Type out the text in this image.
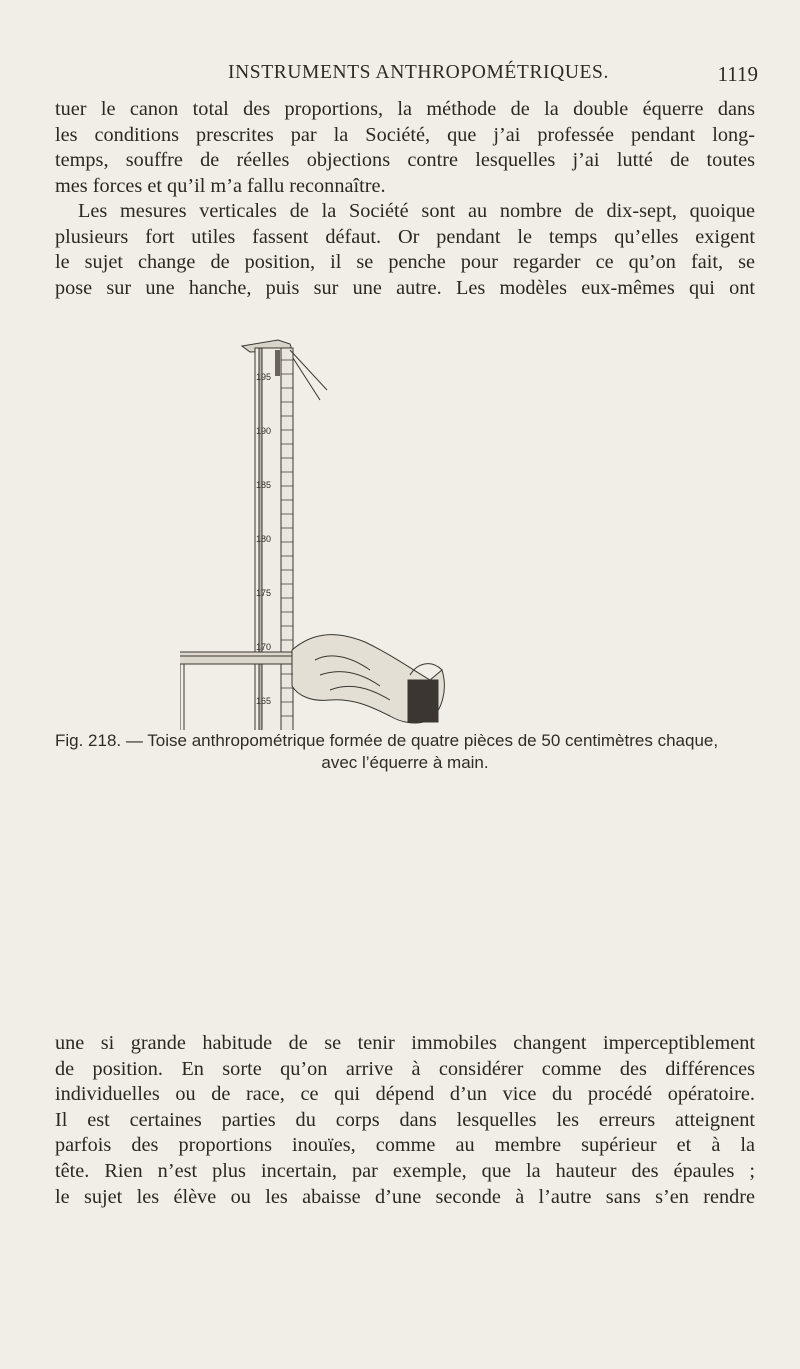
INSTRUMENTS ANTHROPOMÉTRIQUES.	1119

tuer le canon total des proportions, la méthode de la double équerre dans
les conditions prescrites par la Société, que j’ai professée pendant long-
temps, souffre de réelles objections contre lesquelles j’ai lutté de toutes
mes forces et qu’il m’a fallu reconnaître.

Les mesures verticales de la Société sont au nombre de dix-sept, quoique
plusieurs fort utiles fassent défaut. Or pendant le temps qu’elles exigent
le sujet change de position, il se penche pour regarder ce qu’on fait, se
pose sur une hanche, puis sur une autre. Les modèles eux-mêmes qui ont

195
190
185
180
175
170
165
Fig. 218. — Toise anthropométrique formée de quatre pièces de 50 centimètres chaque,
avec l’équerre à main.

une si grande habitude de se tenir immobiles changent imperceptiblement
de position. En sorte qu’on arrive à considérer comme des différences
individuelles ou de race, ce qui dépend d’un vice du procédé opératoire.
Il est certaines parties du corps dans lesquelles les erreurs atteignent
parfois des proportions inouïes, comme au membre supérieur et à la
tête. Rien n’est plus incertain, par exemple, que la hauteur des épaules ;
le sujet les élève ou les abaisse d’une seconde à l’autre sans s’en rendre
